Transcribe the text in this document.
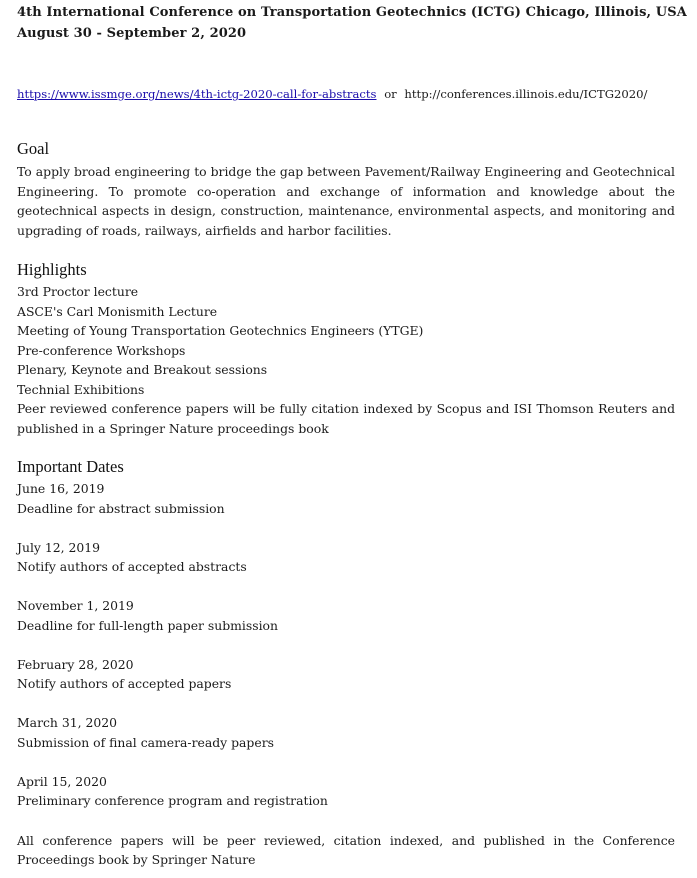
4th International Conference on Transportation Geotechnics (ICTG) Chicago, Illinois, USA
August 30 - September 2, 2020
https://www.issmge.org/news/4th-ictg-2020-call-for-abstracts or http://conferences.illinois.edu/ICTG2020/
Goal
To apply broad engineering to bridge the gap between Pavement/Railway Engineering and Geotechnical Engineering. To promote co-operation and exchange of information and knowledge about the geotechnical aspects in design, construction, maintenance, environmental aspects, and monitoring and upgrading of roads, railways, airfields and harbor facilities.
Highlights
3rd Proctor lecture
ASCE's Carl Monismith Lecture
Meeting of Young Transportation Geotechnics Engineers (YTGE)
Pre-conference Workshops
Plenary, Keynote and Breakout sessions
Technial Exhibitions
Peer reviewed conference papers will be fully citation indexed by Scopus and ISI Thomson Reuters and published in a Springer Nature proceedings book
Important Dates
June 16, 2019
Deadline for abstract submission
July 12, 2019
Notify authors of accepted abstracts
November 1, 2019
Deadline for full-length paper submission
February 28, 2020
Notify authors of accepted papers
March 31, 2020
Submission of final camera-ready papers
April 15, 2020
Preliminary conference program and registration
All conference papers will be peer reviewed, citation indexed, and published in the Conference Proceedings book by Springer Nature
